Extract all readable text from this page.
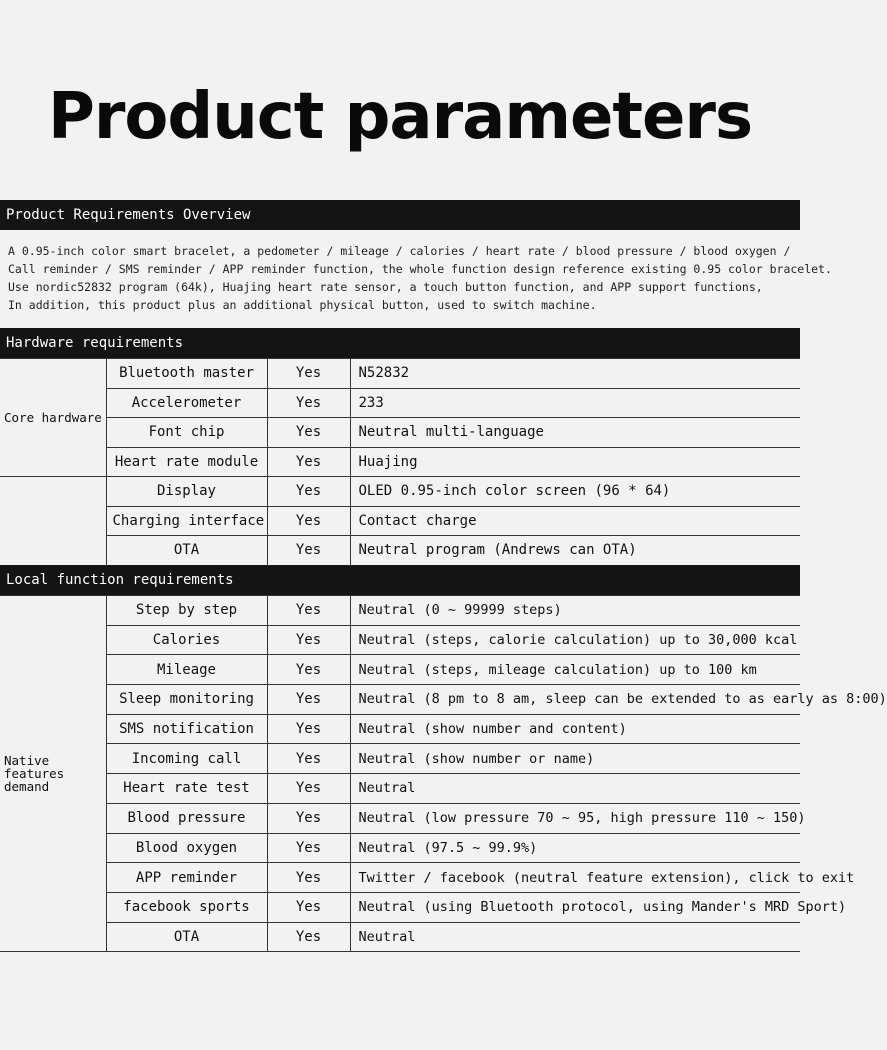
Product parameters
Product Requirements Overview
A 0.95-inch color smart bracelet, a pedometer / mileage / calories / heart rate / blood pressure / blood oxygen /
Call reminder / SMS reminder / APP reminder function, the whole function design reference existing 0.95 color bracelet.
Use nordic52832 program (64k), Huajing heart rate sensor, a touch button function, and APP support functions,
In addition, this product plus an additional physical button, used to switch machine.
Hardware requirements
Core hardware	Bluetooth master	Yes	N52832
	Accelerometer	Yes	233
	Font chip	Yes	Neutral multi-language
	Heart rate module	Yes	Huajing
	Display	Yes	OLED 0.95-inch color screen (96 * 64)
	Charging interface	Yes	Contact charge
	OTA	Yes	Neutral program (Andrews can OTA)
Local function requirements
Native features demand	Step by step	Yes	Neutral (0 ~ 99999 steps)
	Calories	Yes	Neutral (steps, calorie calculation) up to 30,000 kcal
	Mileage	Yes	Neutral (steps, mileage calculation) up to 100 km
	Sleep monitoring	Yes	Neutral (8 pm to 8 am, sleep can be extended to as early as 8:00)
	SMS notification	Yes	Neutral (show number and content)
	Incoming call	Yes	Neutral (show number or name)
	Heart rate test	Yes	Neutral
	Blood pressure	Yes	Neutral (low pressure 70 ~ 95, high pressure 110 ~ 150)
	Blood oxygen	Yes	Neutral (97.5 ~ 99.9%)
	APP reminder	Yes	Twitter / facebook (neutral feature extension), click to exit
	facebook sports	Yes	Neutral (using Bluetooth protocol, using Mander's MRD Sport)
	OTA	Yes	Neutral
